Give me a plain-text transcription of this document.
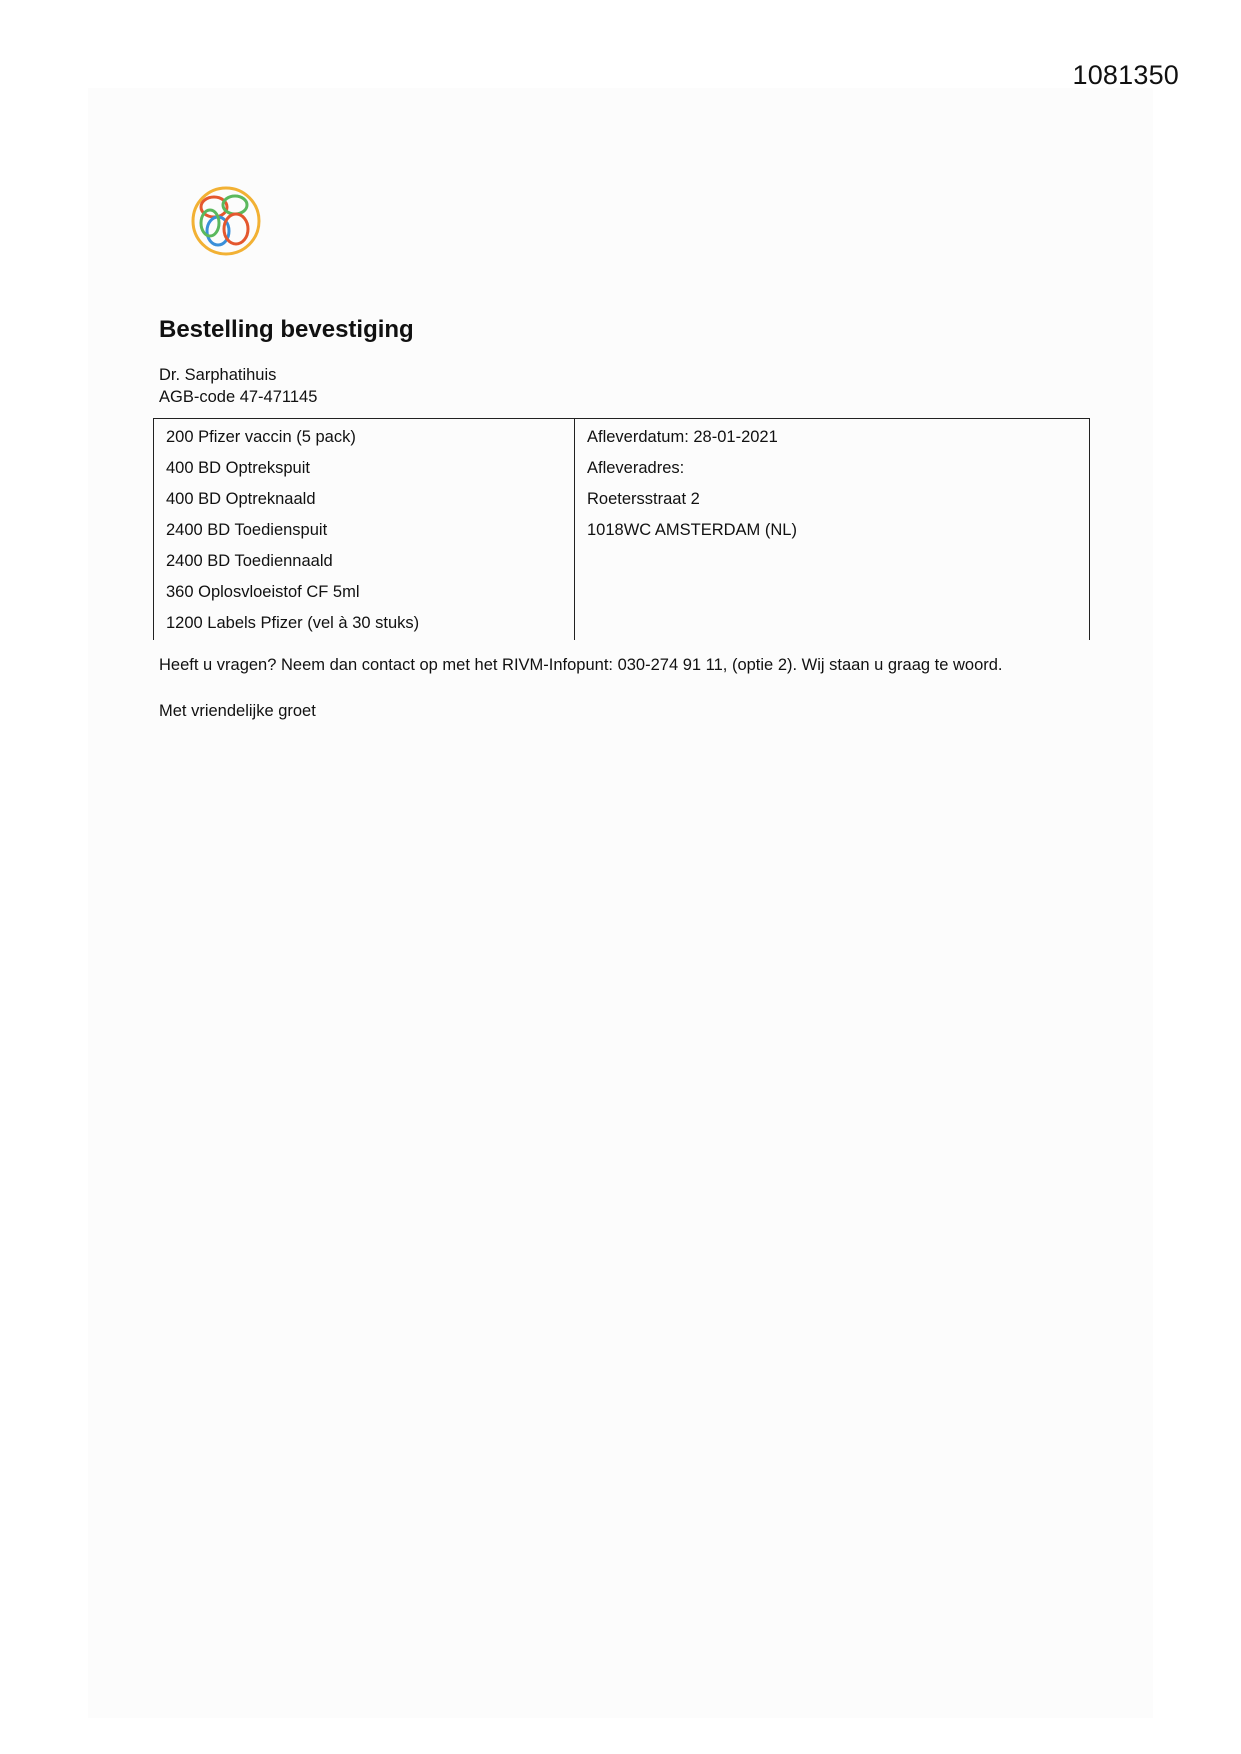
1081350
Bestelling bevestiging
Dr. Sarphatihuis
AGB-code 47-471145
200 Pfizer vaccin (5 pack)
400 BD Optrekspuit
400 BD Optreknaald
2400 BD Toedienspuit
2400 BD Toediennaald
360 Oplosvloeistof CF 5ml
1200 Labels Pfizer (vel à 30 stuks)
Afleverdatum: 28-01-2021
Afleveradres:
Roetersstraat 2
1018WC AMSTERDAM (NL)
Heeft u vragen? Neem dan contact op met het RIVM-Infopunt: 030-274 91 11, (optie 2). Wij staan u graag te woord.
Met vriendelijke groet
